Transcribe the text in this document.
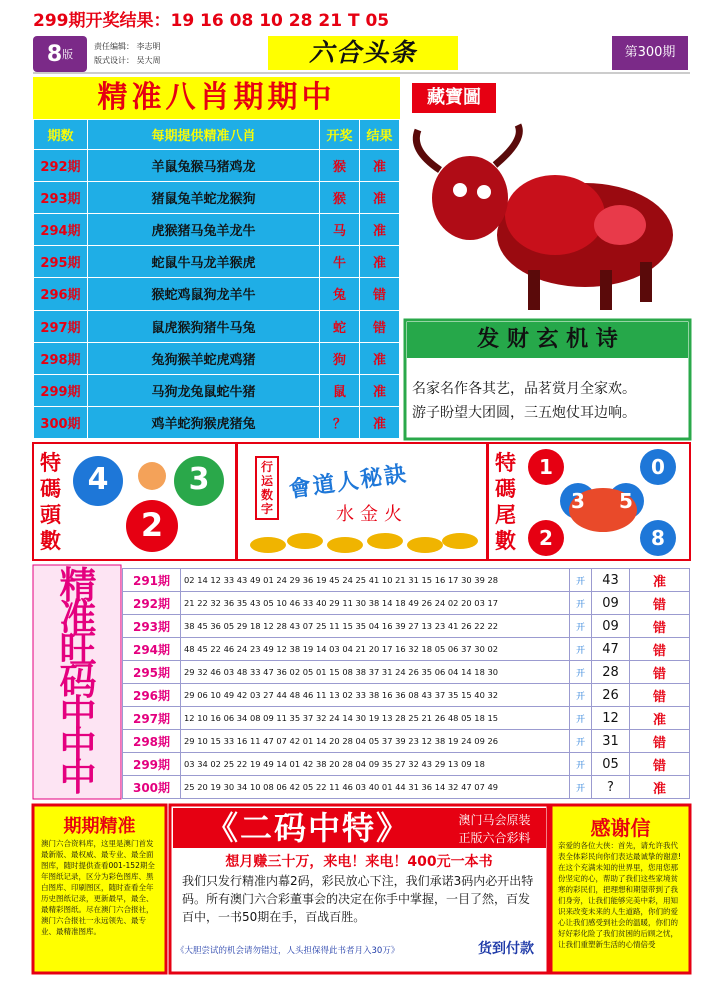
299期开奖结果：19 16 08 10 28 21 T 05
8 版
责任编辑： 李志明
版式设计： 吴大周	六合头条	第300期
精准八肖期期中	藏寶圖
期数	每期提供精准八肖	开奖	结果
292期	羊鼠兔猴马猪鸡龙	猴	准
293期	猪鼠兔羊蛇龙猴狗	猴	准
294期	虎猴猪马兔羊龙牛	马	准
295期	蛇鼠牛马龙羊猴虎	牛	准
296期	猴蛇鸡鼠狗龙羊牛	兔	错
297期	鼠虎猴狗猪牛马兔	蛇	错
298期	兔狗猴羊蛇虎鸡猪	狗	准
299期	马狗龙兔鼠蛇牛猪	鼠	准
300期	鸡羊蛇狗猴虎猪兔	？	准
发 财 玄 机 诗
名家名作各其艺，品茗赏月全家欢。
游子盼望大团圆，三五炮仗耳边响。
特碼頭數
4	3
2
行运数字
會道人秘訣
水金火
特碼尾數
1	0
3	5
2	8
精准旺码中中中
291期	02 14 12 33 43 49 01 24 29 36 19 45 24 25 41 10 21 31 15 16 17 30 39 28	开	43	准
292期	21 22 32 36 35 43 05 10 46 33 40 29 11 30 38 14 18 49 26 24 02 20 03 17	开	09	错
293期	38 45 36 05 29 18 12 28 43 07 25 11 15 35 04 16 39 27 13 23 41 26 22 22	开	09	错
294期	48 45 22 46 24 23 49 12 38 19 14 03 04 21 20 17 16 32 18 05 06 37 30 02	开	47	错
295期	29 32 46 03 48 33 47 36 02 05 01 15 08 38 37 31 24 26 35 06 04 14 18 30	开	28	错
296期	29 06 10 49 42 03 27 44 48 46 11 13 02 33 38 16 36 08 43 37 35 15 40 32	开	26	错
297期	12 10 16 06 34 08 09 11 35 37 32 24 14 30 19 13 28 25 21 26 48 05 18 15	开	12	准
298期	29 10 15 33 16 11 47 07 42 01 14 20 28 04 05 37 39 23 12 38 19 24 09 26	开	31	错
299期	03 34 02 25 22 19 49 14 01 42 38 20 28 04 09 35 27 32 43 29 13 09 18	开	05	错
300期	25 20 19 30 34 10 08 06 42 05 22 11 46 03 40 01 44 31 36 14 32 47 07 49	开	?	准
期期精准
澳门六合资料库，这里是澳门首发最新版、最权威、最专业、最全面图库，随时提供查看001-152期全年图纸记录，区分为彩色图库、黑白图库、印刷图区，随时查看全年历史图纸记录，更新最早，最全、最精彩图纸。尽在澳门六合报社，澳门六合报社一永远领先、最专业、最精准图库。
《二码中特》	澳门马会原装
正版六合彩料
想月赚三十万，来电！来电！400元一本书
我们只发行精准内幕2码，彩民放心下注，我们承诺3码内必开出特码。所有澳门六合彩董事会的决定在你手中掌握，一目了然，百发百中，一书50期在手，百战百胜。
《大胆尝试的机会请勿错过，人头担保得此书者月入30万》	货到付款
感谢信
亲爱的各位大侠：首先，请允许我代表全体彩民向你们表达最诚挚的谢意!在这个充满未知的世界里，您用您那份坚定的心，帮助了我们这些家境贫寒的彩民们，把理想和期望带到了我们身旁，让我们能够完美中彩，用知识来改变未来的人生道路，你们的爱心让我们感受到社会的温暖，你们的好好彩化险了我们贫困的后顾之忧，让我们重塑新生活的心情倍受
